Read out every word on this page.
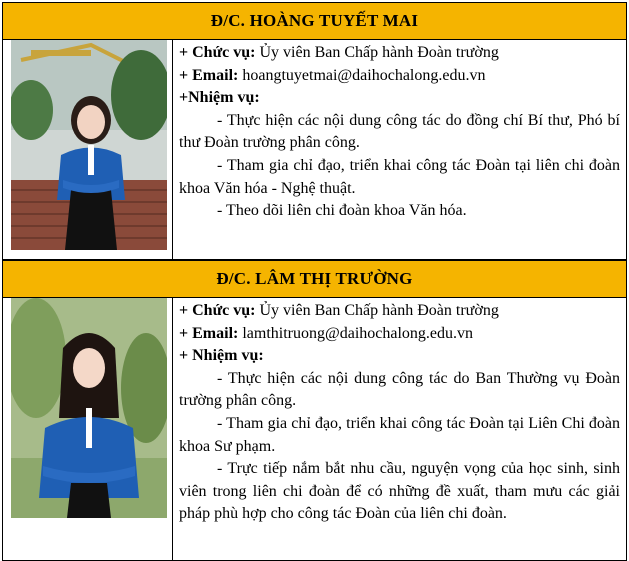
Đ/C. HOÀNG TUYẾT MAI

+ Chức vụ: Ủy viên Ban Chấp hành Đoàn trường

+ Email: hoangtuyetmai@daihochalong.edu.vn

+Nhiệm vụ:

- Thực hiện các nội dung công tác do đồng chí Bí thư, Phó bí thư Đoàn trường phân công.

- Tham gia chỉ đạo, triển khai công tác Đoàn tại liên chi đoàn khoa Văn hóa - Nghệ thuật.

- Theo dõi liên chi đoàn khoa Văn hóa.

Đ/C. LÂM THỊ TRƯỜNG

+ Chức vụ: Ủy viên Ban Chấp hành Đoàn trường

+ Email: lamthitruong@daihochalong.edu.vn

+ Nhiệm vụ:

- Thực hiện các nội dung công tác do Ban Thường vụ Đoàn trường phân công.

- Tham gia chỉ đạo, triển khai công tác Đoàn tại Liên Chi đoàn khoa Sư phạm.

- Trực tiếp nắm bắt nhu cầu, nguyện vọng của học sinh, sinh viên trong liên chi đoàn để có những đề xuất, tham mưu các giải pháp phù hợp cho công tác Đoàn của liên chi đoàn.
